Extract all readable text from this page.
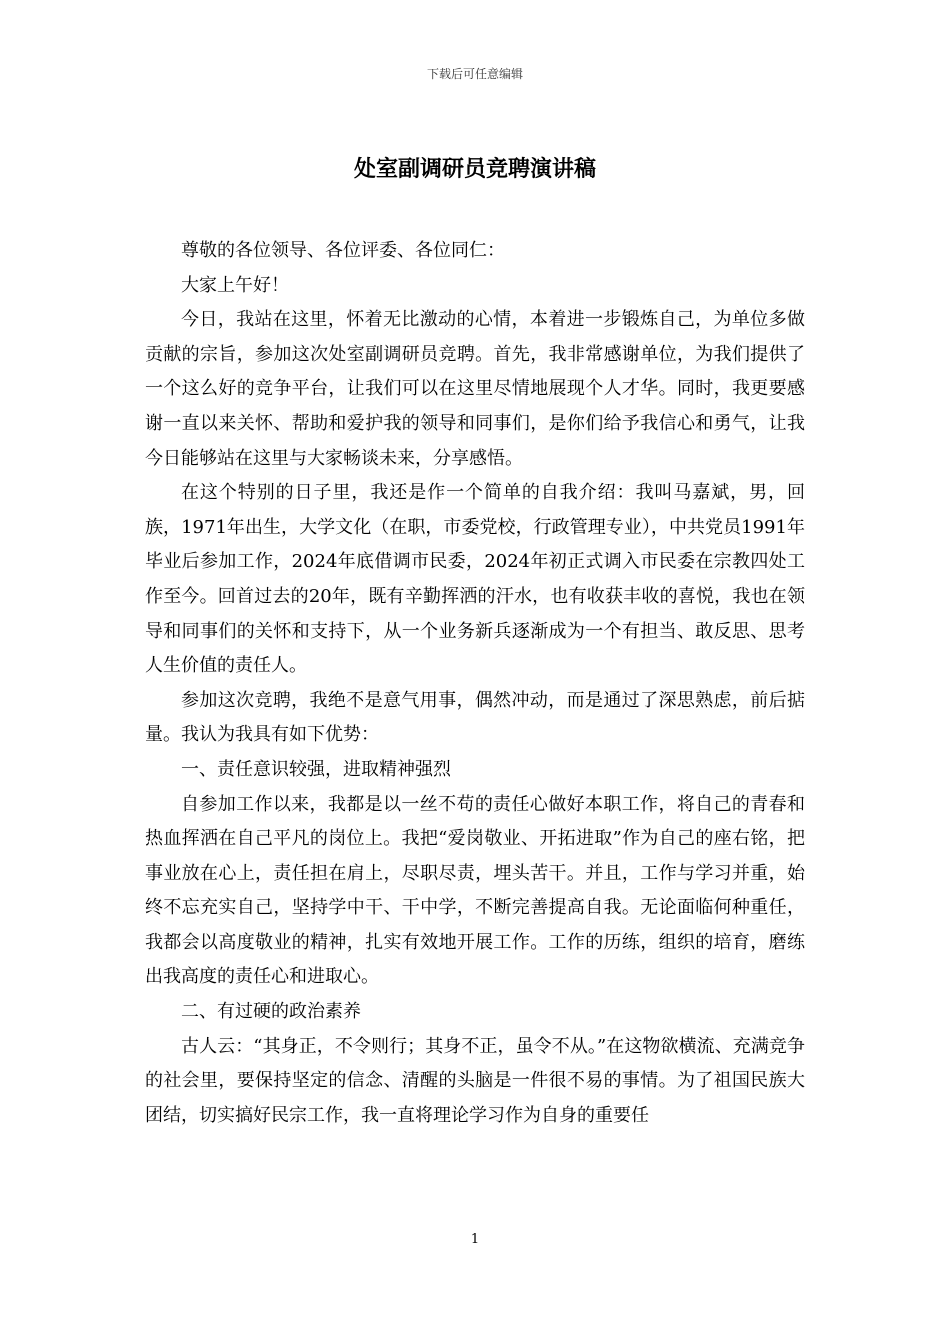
下载后可任意编辑
处室副调研员竞聘演讲稿

尊敬的各位领导、各位评委、各位同仁：

大家上午好！

今日，我站在这里，怀着无比激动的心情，本着进一步锻炼自己，为单位多做贡献的宗旨，参加这次处室副调研员竞聘。首先，我非常感谢单位，为我们提供了一个这么好的竞争平台，让我们可以在这里尽情地展现个人才华。同时，我更要感谢一直以来关怀、帮助和爱护我的领导和同事们，是你们给予我信心和勇气，让我今日能够站在这里与大家畅谈未来，分享感悟。

在这个特别的日子里，我还是作一个简单的自我介绍：我叫马嘉斌，男，回族，1971年出生，大学文化（在职，市委党校，行政管理专业），中共党员1991年毕业后参加工作，2024年底借调市民委，2024年初正式调入市民委在宗教四处工作至今。回首过去的20年，既有辛勤挥洒的汗水，也有收获丰收的喜悦，我也在领导和同事们的关怀和支持下，从一个业务新兵逐渐成为一个有担当、敢反思、思考人生价值的责任人。

参加这次竞聘，我绝不是意气用事，偶然冲动，而是通过了深思熟虑，前后掂量。我认为我具有如下优势：

一、责任意识较强，进取精神强烈

自参加工作以来，我都是以一丝不苟的责任心做好本职工作，将自己的青春和热血挥洒在自己平凡的岗位上。我把“爱岗敬业、开拓进取”作为自己的座右铭，把事业放在心上，责任担在肩上，尽职尽责，埋头苦干。并且，工作与学习并重，始终不忘充实自己，坚持学中干、干中学，不断完善提高自我。无论面临何种重任，我都会以高度敬业的精神，扎实有效地开展工作。工作的历练，组织的培育，磨练出我高度的责任心和进取心。

二、有过硬的政治素养

古人云：“其身正，不令则行；其身不正，虽令不从。”在这物欲横流、充满竞争的社会里，要保持坚定的信念、清醒的头脑是一件很不易的事情。为了祖国民族大团结，切实搞好民宗工作，我一直将理论学习作为自身的重要任

1
